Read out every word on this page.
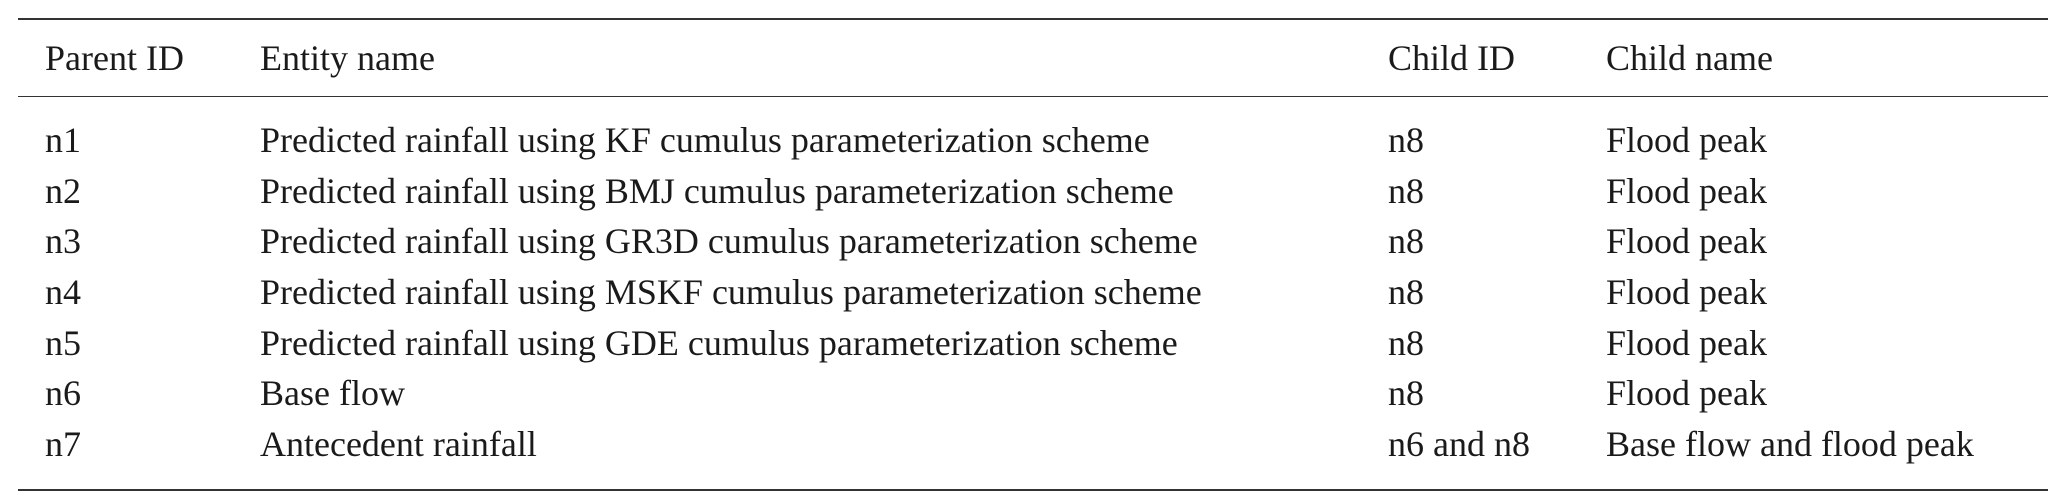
Parent ID	Entity name	Child ID	Child name
n1	Predicted rainfall using KF cumulus parameterization scheme	n8	Flood peak
n2	Predicted rainfall using BMJ cumulus parameterization scheme	n8	Flood peak
n3	Predicted rainfall using GR3D cumulus parameterization scheme	n8	Flood peak
n4	Predicted rainfall using MSKF cumulus parameterization scheme	n8	Flood peak
n5	Predicted rainfall using GDE cumulus parameterization scheme	n8	Flood peak
n6	Base flow	n8	Flood peak
n7	Antecedent rainfall	n6 and n8	Base flow and flood peak
